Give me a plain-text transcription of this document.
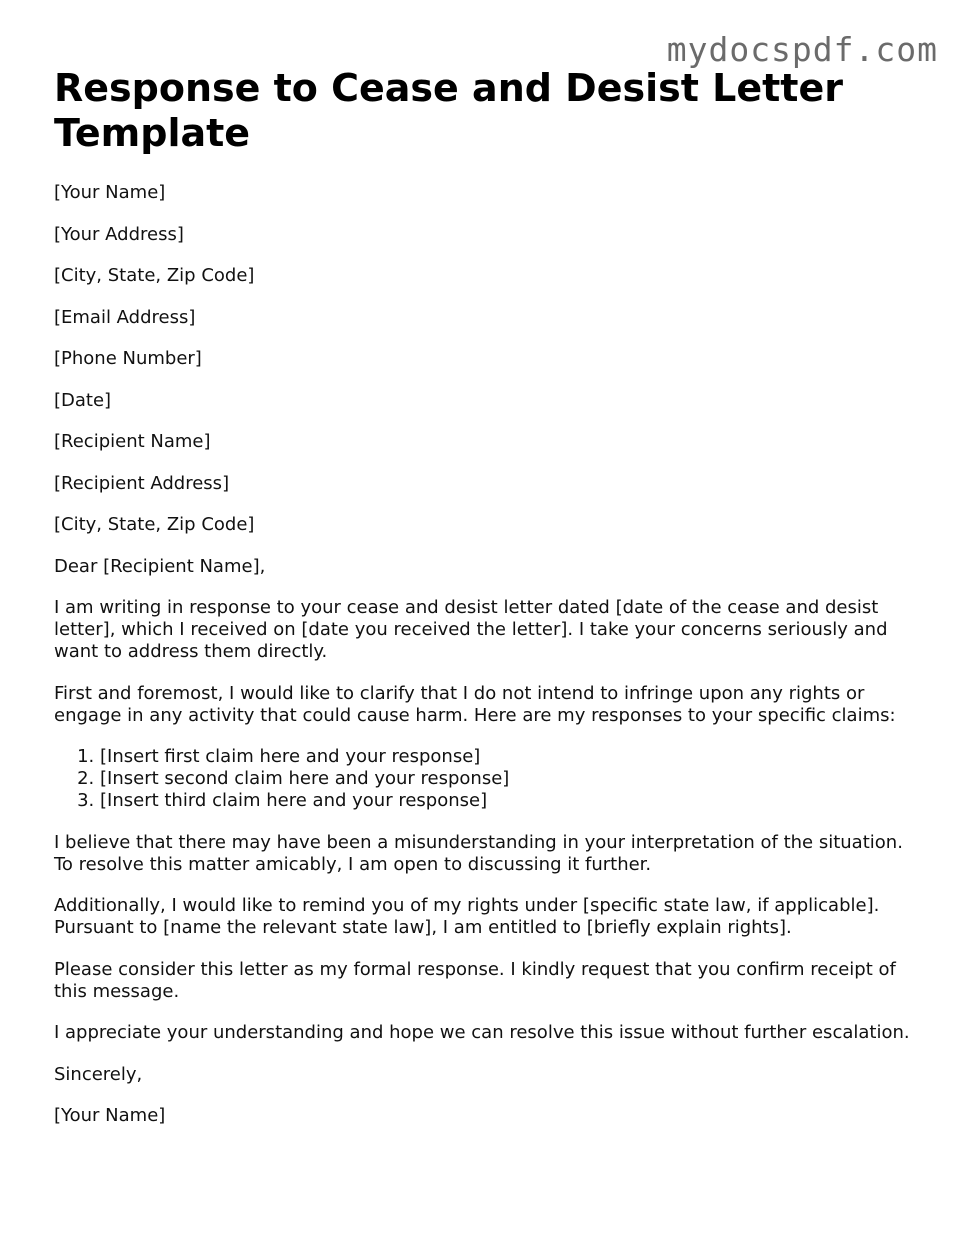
mydocspdf.com
Response to Cease and Desist Letter Template
[Your Name]
[Your Address]
[City, State, Zip Code]
[Email Address]
[Phone Number]
[Date]
[Recipient Name]
[Recipient Address]
[City, State, Zip Code]
Dear [Recipient Name],

I am writing in response to your cease and desist letter dated [date of the cease and desist letter], which I received on [date you received the letter]. I take your concerns seriously and want to address them directly.

First and foremost, I would like to clarify that I do not intend to infringe upon any rights or engage in any activity that could cause harm. Here are my responses to your specific claims:

1. [Insert first claim here and your response]
2. [Insert second claim here and your response]
3. [Insert third claim here and your response]

I believe that there may have been a misunderstanding in your interpretation of the situation. To resolve this matter amicably, I am open to discussing it further.

Additionally, I would like to remind you of my rights under [specific state law, if applicable]. Pursuant to [name the relevant state law], I am entitled to [briefly explain rights].

Please consider this letter as my formal response. I kindly request that you confirm receipt of this message.

I appreciate your understanding and hope we can resolve this issue without further escalation.

Sincerely,
[Your Name]
